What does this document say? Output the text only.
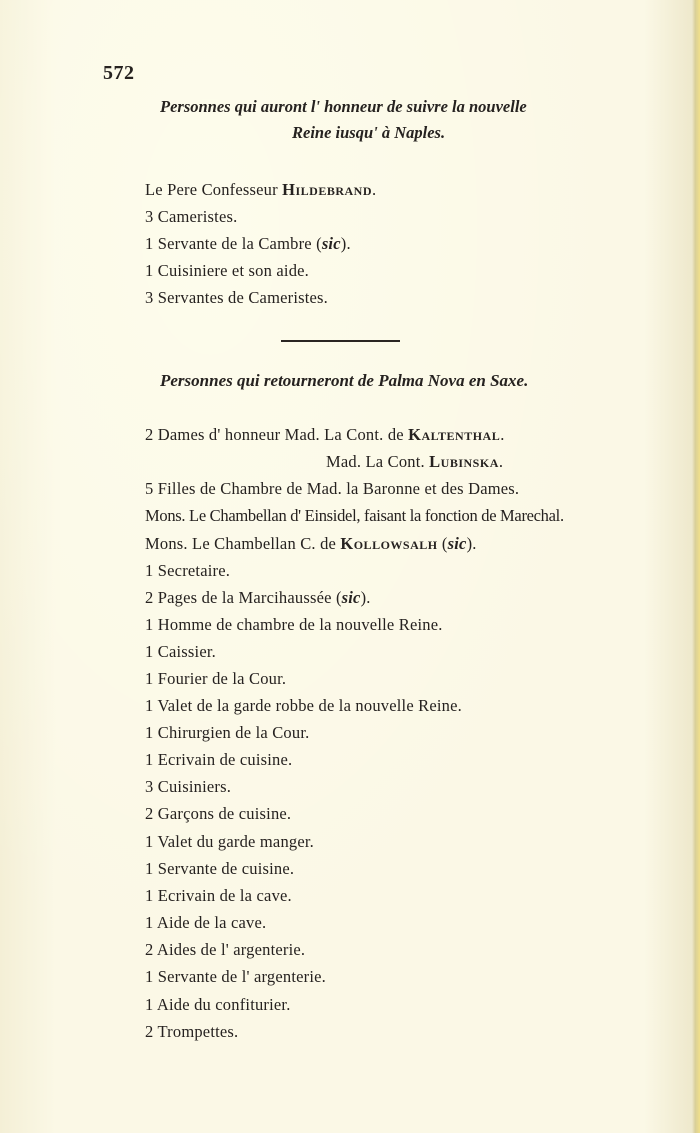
572
Personnes qui auront l' honneur de suivre la nouvelle
Reine iusqu' à Naples.
Le Pere Confesseur Hildebrand.
3 Cameristes.
1 Servante de la Cambre (sic).
1 Cuisiniere et son aide.
3 Servantes de Cameristes.
Personnes qui retourneront de Palma Nova en Saxe.
2 Dames d' honneur Mad. La Cont. de Kaltenthal.
Mad. La Cont. Lubinska.
5 Filles de Chambre de Mad. la Baronne et des Dames.
Mons. Le Chambellan d' Einsidel, faisant la fonction de Marechal.
Mons. Le Chambellan C. de Kollowsalh (sic).
1 Secretaire.
2 Pages de la Marcihaussée (sic).
1 Homme de chambre de la nouvelle Reine.
1 Caissier.
1 Fourier de la Cour.
1 Valet de la garde robbe de la nouvelle Reine.
1 Chirurgien de la Cour.
1 Ecrivain de cuisine.
3 Cuisiniers.
2 Garçons de cuisine.
1 Valet du garde manger.
1 Servante de cuisine.
1 Ecrivain de la cave.
1 Aide de la cave.
2 Aides de l' argenterie.
1 Servante de l' argenterie.
1 Aide du confiturier.
2 Trompettes.
